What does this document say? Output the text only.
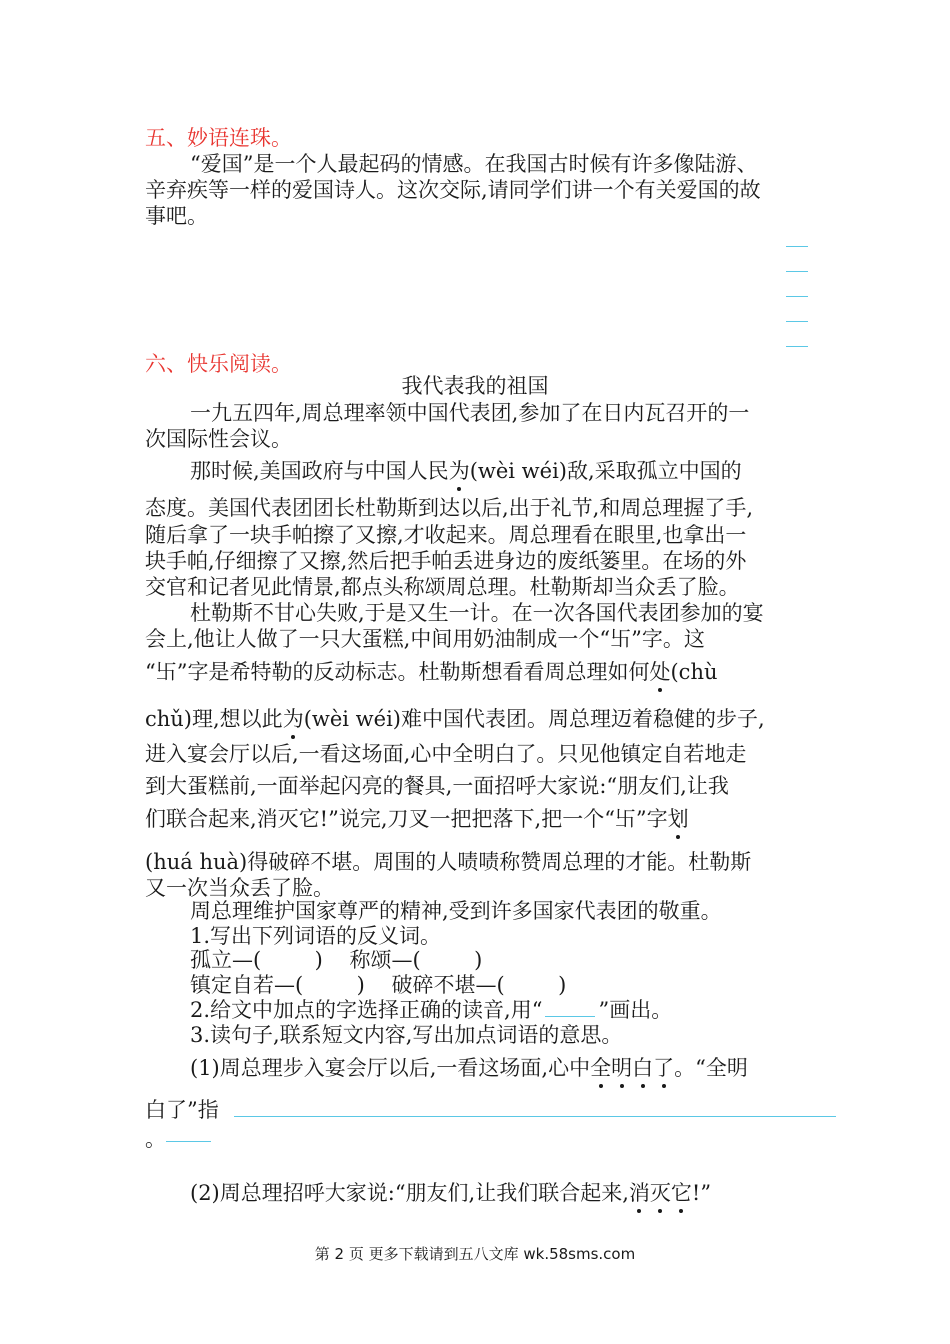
五、妙语连珠。
“爱国”是一个人最起码的情感。在我国古时候有许多像陆游、
辛弃疾等一样的爱国诗人。这次交际,请同学们讲一个有关爱国的故
事吧。
六、快乐阅读。
我代表我的祖国
一九五四年,周总理率领中国代表团,参加了在日内瓦召开的一
次国际性会议。
那时候,美国政府与中国人民为(wèi wéi)敌,采取孤立中国的
态度。美国代表团团长杜勒斯到达以后,出于礼节,和周总理握了手,
随后拿了一块手帕擦了又擦,才收起来。周总理看在眼里,也拿出一
块手帕,仔细擦了又擦,然后把手帕丢进身边的废纸篓里。在场的外
交官和记者见此情景,都点头称颂周总理。杜勒斯却当众丢了脸。
杜勒斯不甘心失败,于是又生一计。在一次各国代表团参加的宴
会上,他让人做了一只大蛋糕,中间用奶油制成一个“卐”字。这
“卐”字是希特勒的反动标志。杜勒斯想看看周总理如何处(chù
chǔ)理,想以此为(wèi wéi)难中国代表团。周总理迈着稳健的步子,
进入宴会厅以后,一看这场面,心中全明白了。只见他镇定自若地走
到大蛋糕前,一面举起闪亮的餐具,一面招呼大家说:“朋友们,让我
们联合起来,消灭它!”说完,刀叉一把把落下,把一个“卐”字划
(huá huà)得破碎不堪。周围的人啧啧称赞周总理的才能。杜勒斯
又一次当众丢了脸。
周总理维护国家尊严的精神,受到许多国家代表团的敬重。
1.写出下列词语的反义词。
孤立—(        )    称颂—(        )
镇定自若—(        )    破碎不堪—(        )
2.给文中加点的字选择正确的读音,用“	”画出。
3.读句子,联系短文内容,写出加点词语的意思。
(1)周总理步入宴会厅以后,一看这场面,心中全明白了。“全明
白了”指
。
(2)周总理招呼大家说:“朋友们,让我们联合起来,消灭它!”
第 2 页 更多下载请到五八文库 wk.58sms.com
